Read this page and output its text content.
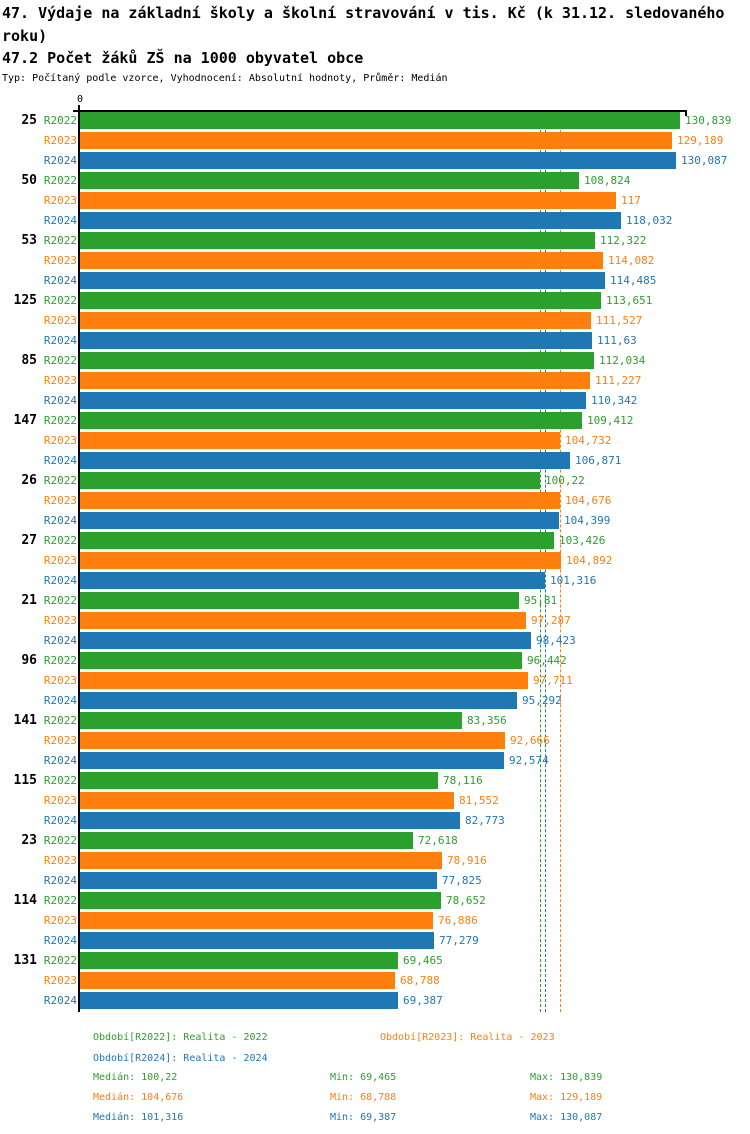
47. Výdaje na základní školy a školní stravování v tis. Kč (k 31.12. sledovaného roku)
47.2 Počet žáků ZŠ na 1000 obyvatel obce
Typ: Počítaný podle vzorce, Vyhodnocení: Absolutní hodnoty, Průměr: Medián
0
25 R2022	130,839
R2023	129,189
R2024	130,087
50 R2022	108,824
R2023	117
R2024	118,032
53 R2022	112,322
R2023	114,082
R2024	114,485
125 R2022	113,651
R2023	111,527
R2024	111,63
85 R2022	112,034
R2023	111,227
R2024	110,342
147 R2022	109,412
R2023	104,732
R2024	106,871
26 R2022	100,22
R2023	104,676
R2024	104,399
27 R2022	103,426
R2023	104,892
R2024	101,316
21 R2022	95,81
R2023	97,287
R2024	98,423
96 R2022	96,442
R2023	97,711
R2024	95,292
141 R2022	83,356
R2023	92,666
R2024	92,574
115 R2022	78,116
R2023	81,552
R2024	82,773
23 R2022	72,618
R2023	78,916
R2024	77,825
114 R2022	78,652
R2023	76,886
R2024	77,279
131 R2022	69,465
R2023	68,788
R2024	69,387
Období[R2022]: Realita - 2022	Období[R2023]: Realita - 2023
Období[R2024]: Realita - 2024
Medián: 100,22	Min: 69,465	Max: 130,839
Medián: 104,676	Min: 68,788	Max: 129,189
Medián: 101,316	Min: 69,387	Max: 130,087
